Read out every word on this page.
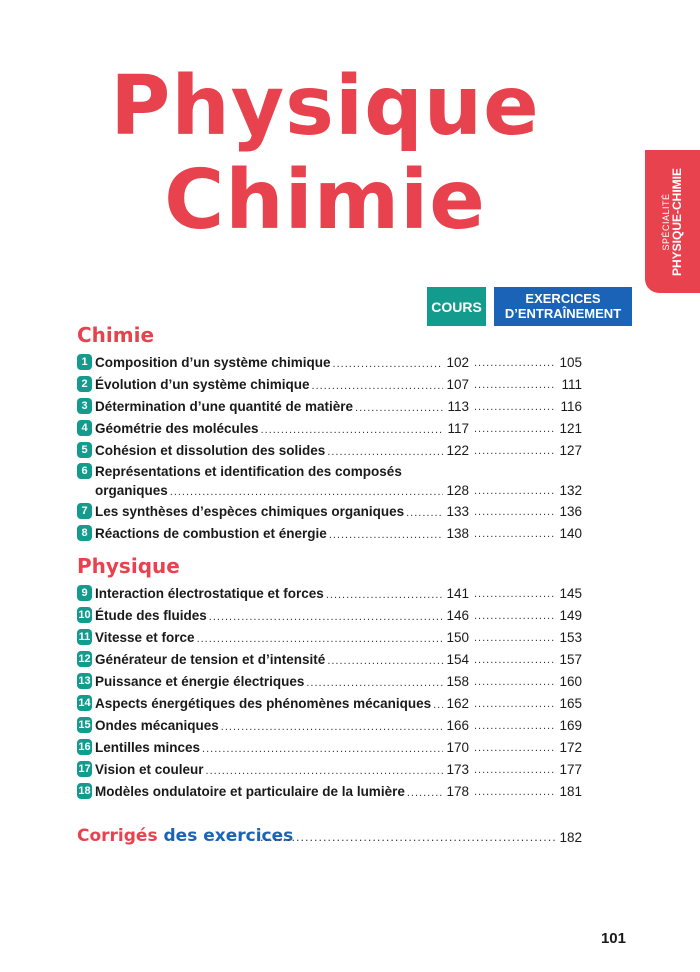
Physique
Chimie	SPÉCIALITÉ PHYSIQUE-CHIMIE
COURS
EXERCICES
D’ENTRAÎNEMENT
Chimie
1 Composition d’un système chimique .....	102 .....	105
2 Évolution d’un système chimique .....	107 .....	111
3 Détermination d’une quantité de matière .....	113 .....	116
4 Géométrie des molécules .....	117 .....	121
5 Cohésion et dissolution des solides .....	122 .....	127
6 Représentations et identification des composés
organiques .....	128 .....	132
7 Les synthèses d’espèces chimiques organiques .....	133 .....	136
8 Réactions de combustion et énergie .....	138 .....	140
Physique
9 Interaction électrostatique et forces .....	141 .....	145
10 Étude des fluides .....	146 .....	149
11 Vitesse et force .....	150 .....	153
12 Générateur de tension et d’intensité .....	154 .....	157
13 Puissance et énergie électriques .....	158 .....	160
14 Aspects énergétiques des phénomènes mécaniques ..... 162 .....	165
15 Ondes mécaniques .....	166 .....	169
16 Lentilles minces .....	170 .....	172
17 Vision et couleur .....	173 .....	177
18 Modèles ondulatoire et particulaire de la lumière .....	178 .....	181
Corrigés des exercices .....	182
101
